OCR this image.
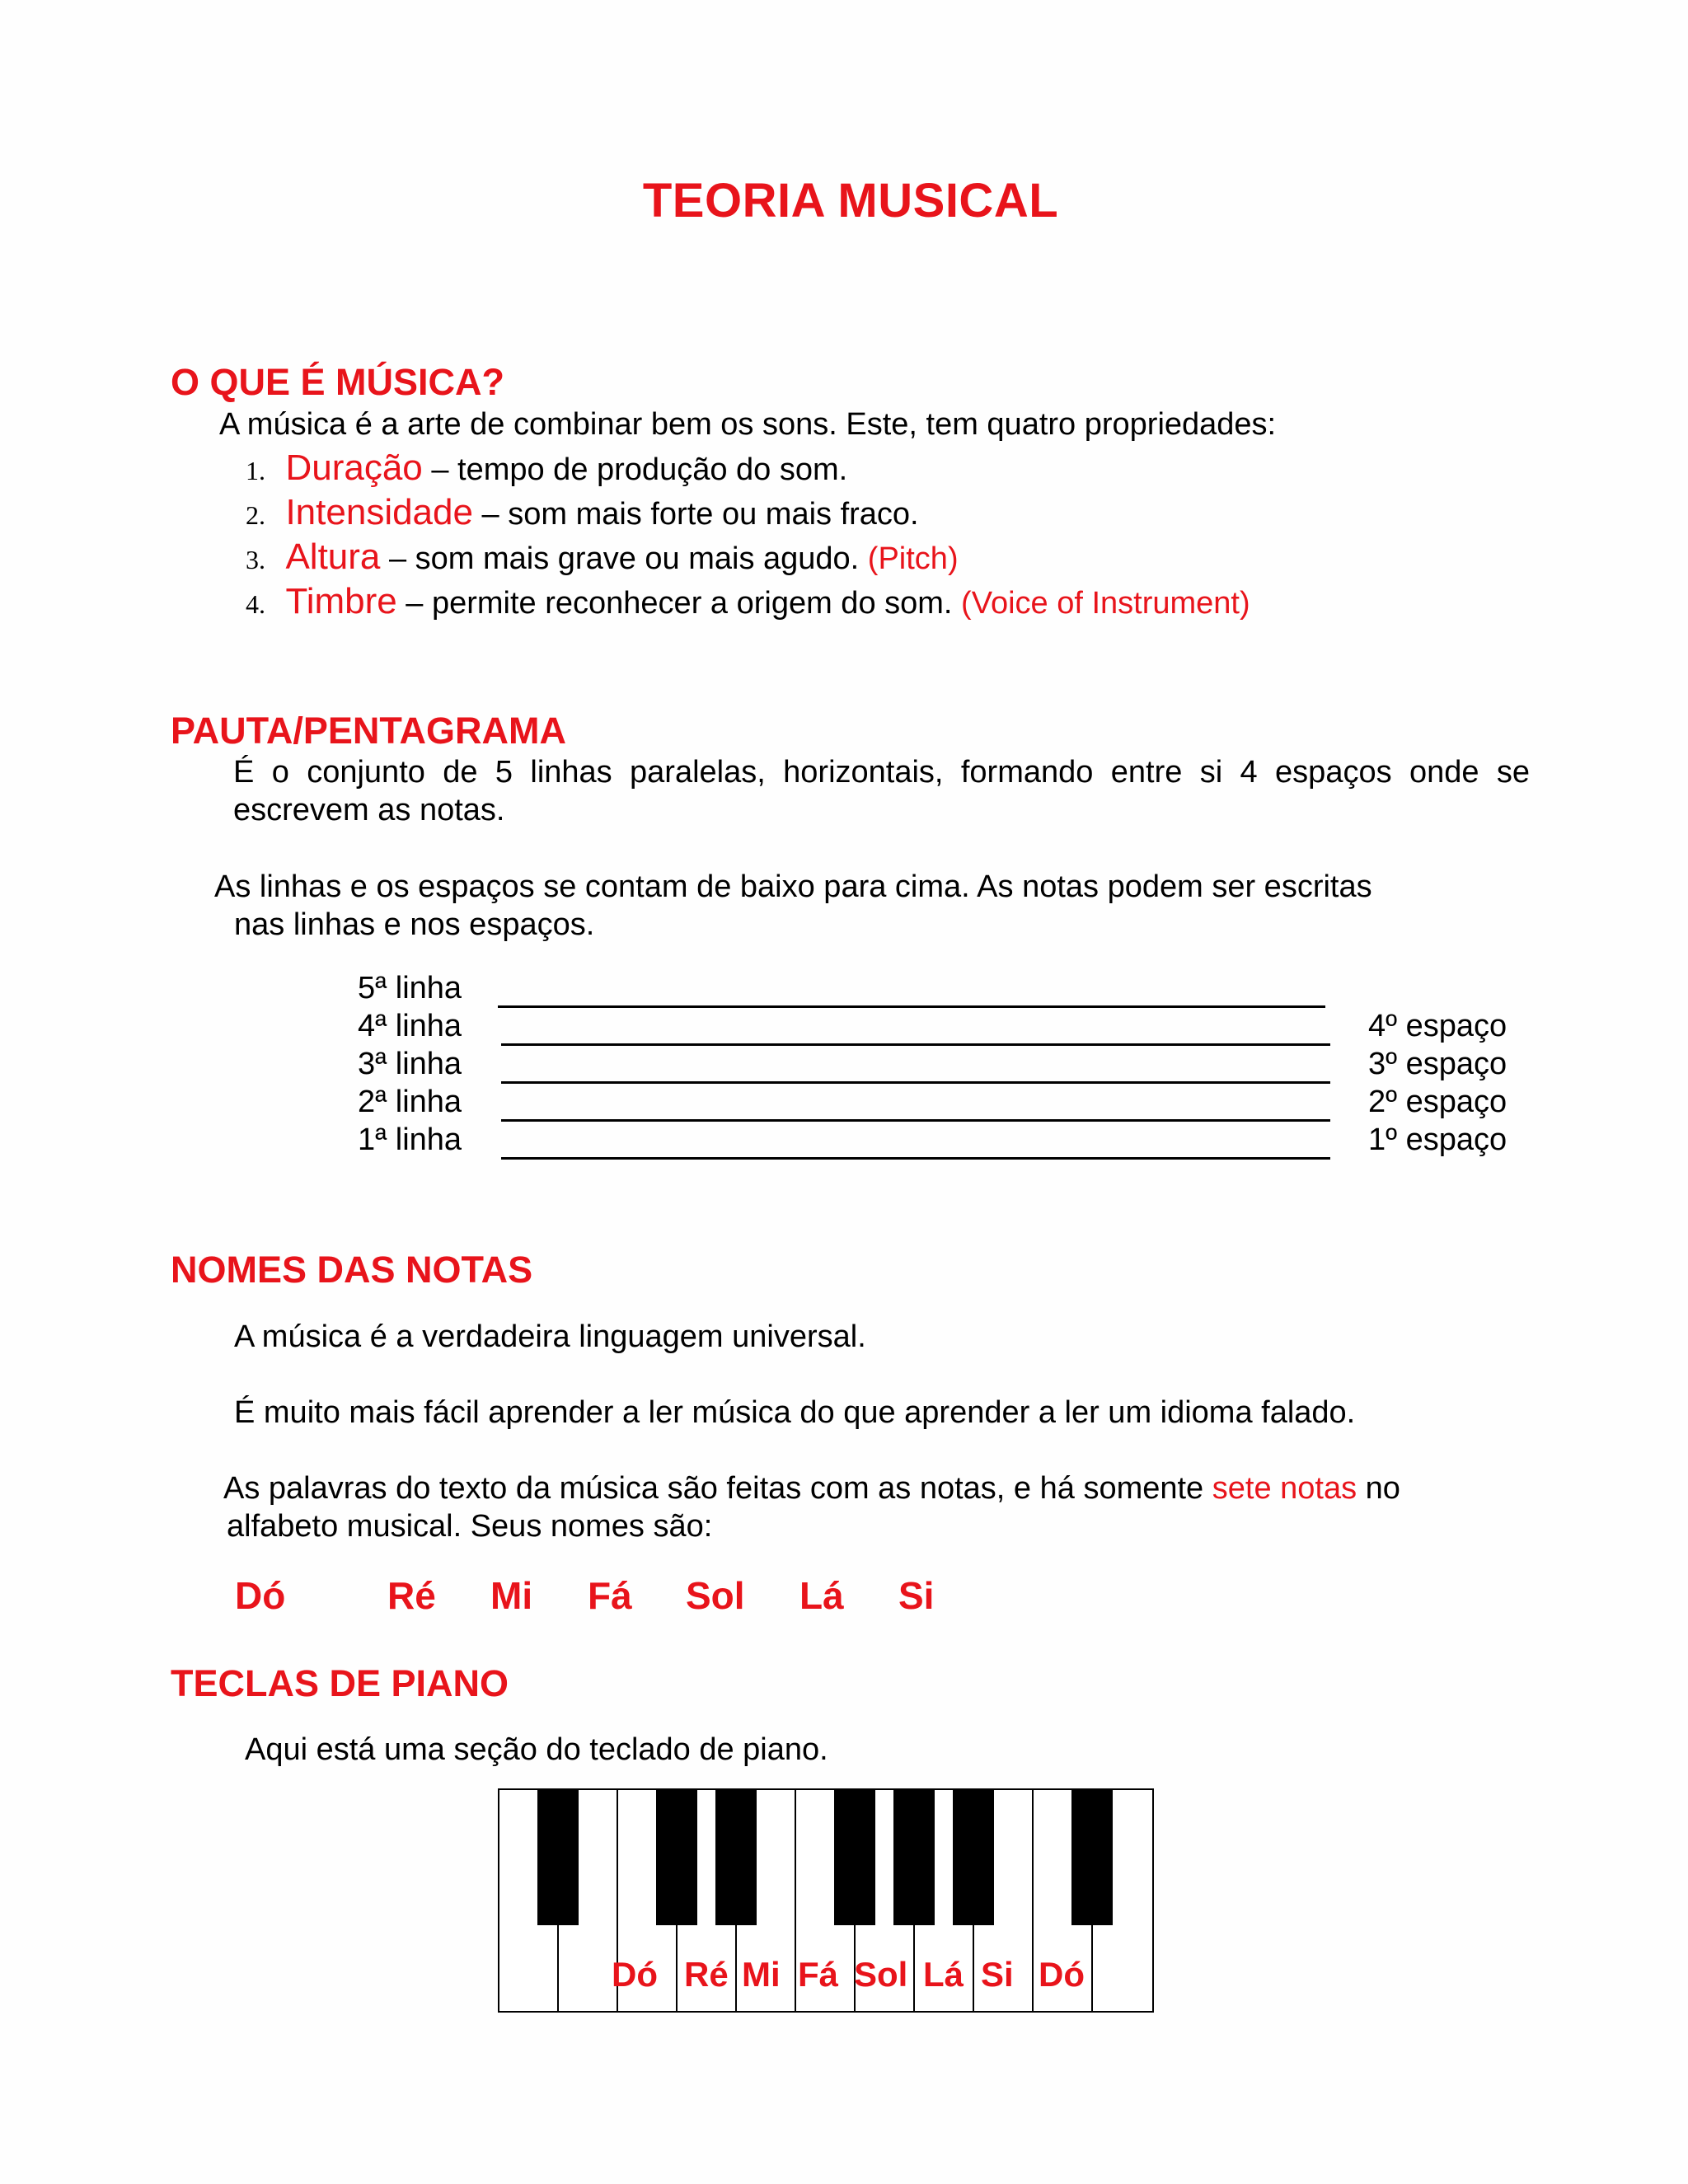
TEORIA MUSICAL
O QUE É MÚSICA?
A música é a arte de combinar bem os sons. Este, tem quatro propriedades:
1. Duração – tempo de produção do som.
2. Intensidade – som mais forte ou mais fraco.
3. Altura – som mais grave ou mais agudo. (Pitch)
4. Timbre – permite reconhecer a origem do som. (Voice of Instrument)
PAUTA/PENTAGRAMA
É o conjunto de 5 linhas paralelas, horizontais, formando entre si 4 espaços onde se
escrevem as notas.
As linhas e os espaços se contam de baixo para cima. As notas podem ser escritas
nas linhas e nos espaços.
5ª linha
4ª linha
3ª linha
2ª linha
1ª linha
4º espaço
3º espaço
2º espaço
1º espaço
NOMES DAS NOTAS
A música é a verdadeira linguagem universal.
É muito mais fácil aprender a ler música do que aprender a ler um idioma falado.
As palavras do texto da música são feitas com as notas, e há somente sete notas no
alfabeto musical. Seus nomes são:
Dó	Ré Mi Fá Sol Lá Si
TECLAS DE PIANO
Aqui está uma seção do teclado de piano.
Dó Ré Mi Fá Sol Lá Si Dó
